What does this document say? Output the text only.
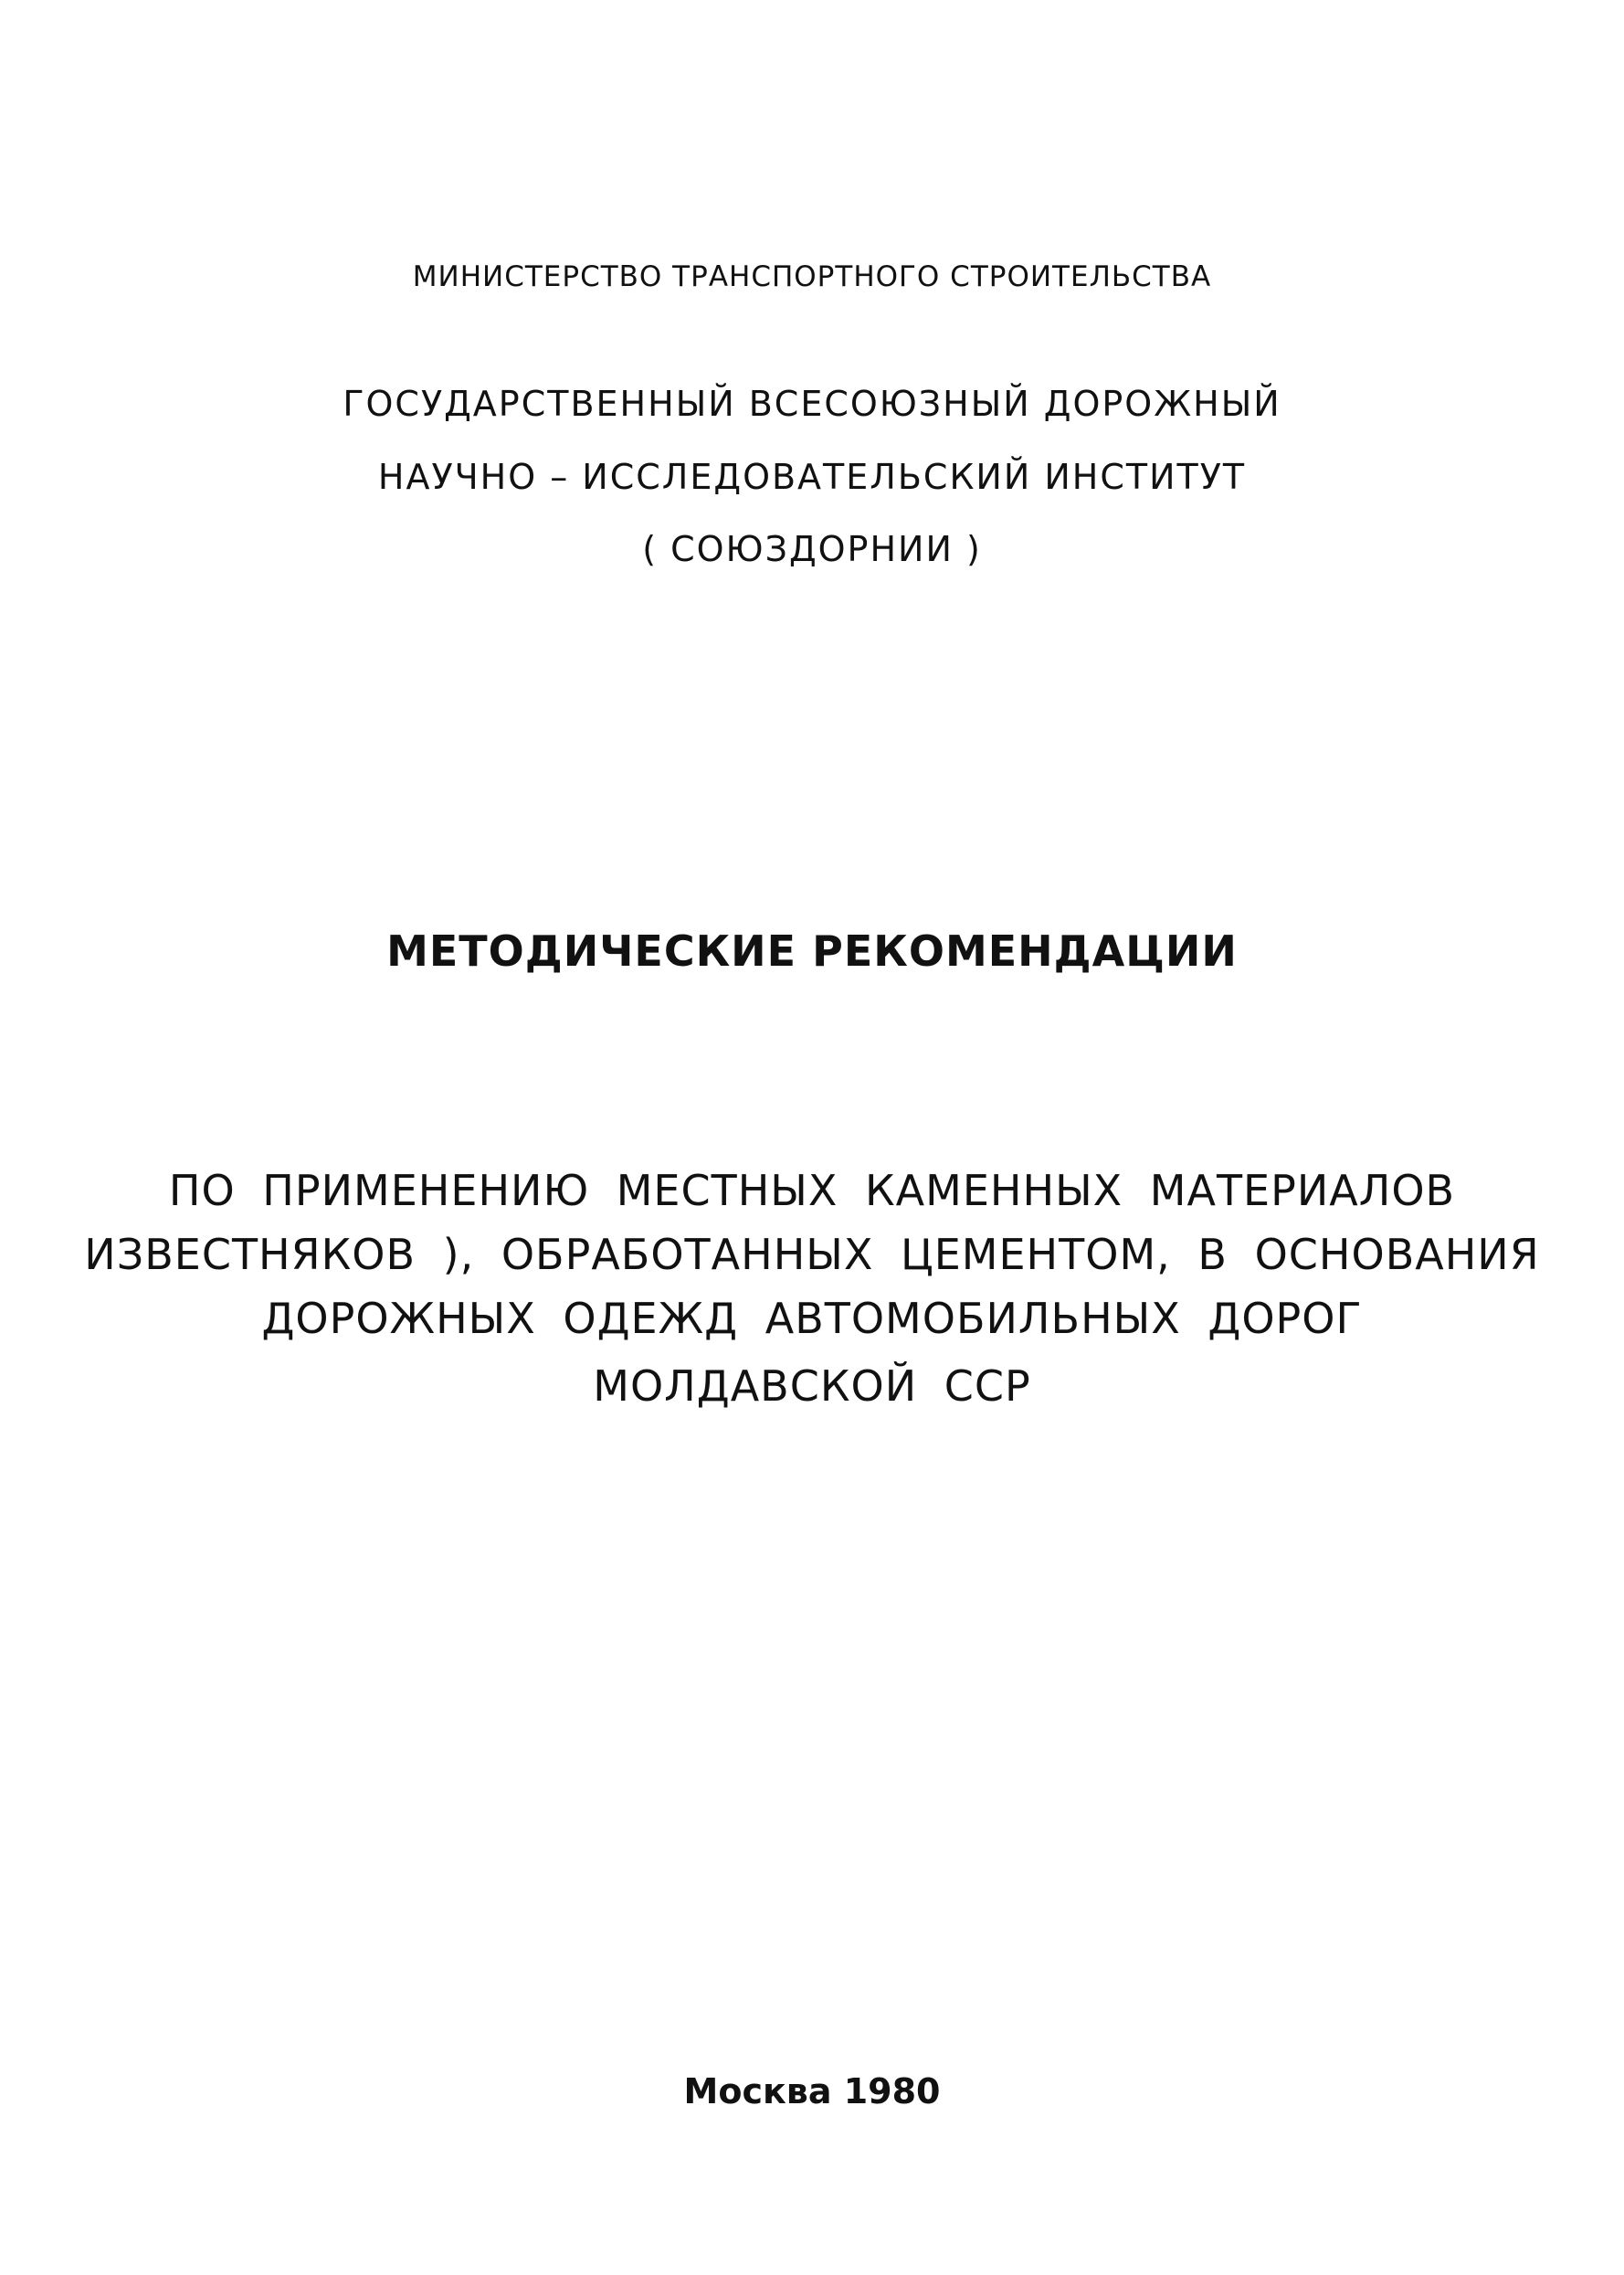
МИНИСТЕРСТВО ТРАНСПОРТНОГО СТРОИТЕЛЬСТВА
ГОСУДАРСТВЕННЫЙ ВСЕСОЮЗНЫЙ ДОРОЖНЫЙ
НАУЧНО – ИССЛЕДОВАТЕЛЬСКИЙ ИНСТИТУТ
( СОЮЗДОРНИИ )
МЕТОДИЧЕСКИЕ РЕКОМЕНДАЦИИ
ПО ПРИМЕНЕНИЮ МЕСТНЫХ КАМЕННЫХ МАТЕРИАЛОВ
ИЗВЕСТНЯКОВ ), ОБРАБОТАННЫХ ЦЕМЕНТОМ, В ОСНОВАНИЯ
ДОРОЖНЫХ ОДЕЖД АВТОМОБИЛЬНЫХ ДОРОГ
МОЛДАВСКОЙ ССР
Москва 1980
